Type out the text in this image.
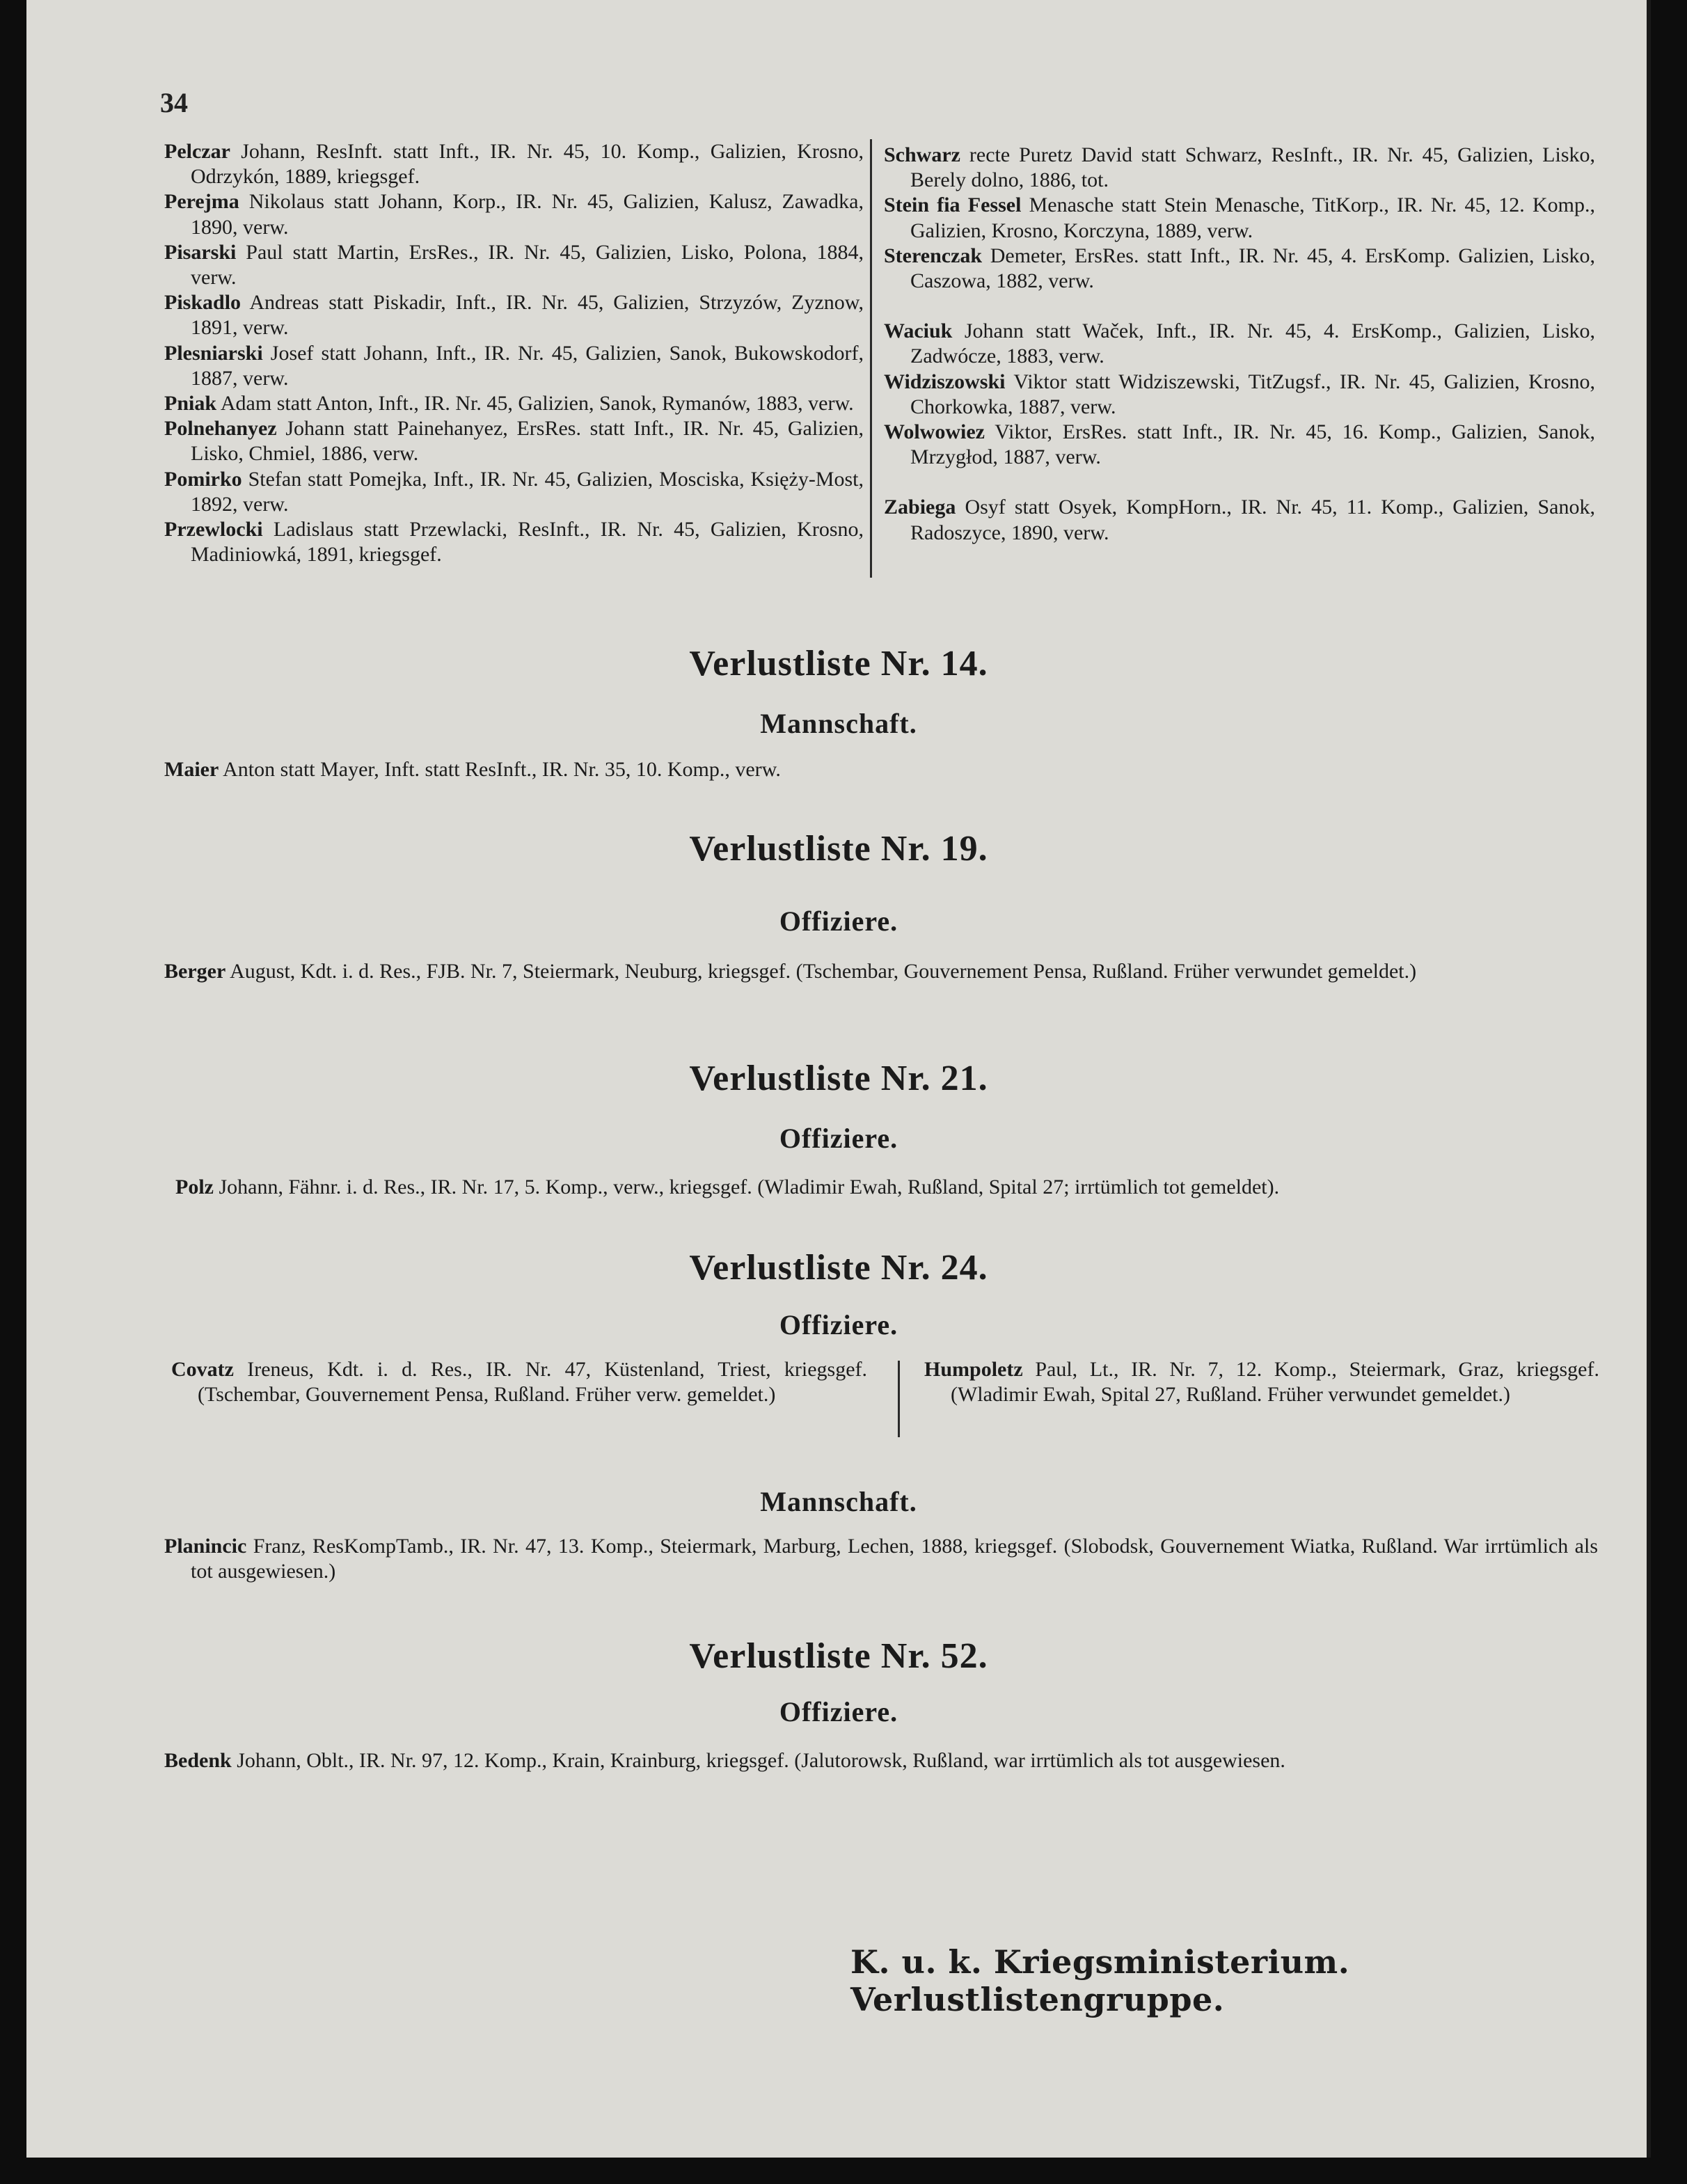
34

Pelczar Johann, ResInft. statt Inft., IR. Nr. 45, 10. Komp., Galizien, Krosno, Odrzykón, 1889, kriegsgef.

Perejma Nikolaus statt Johann, Korp., IR. Nr. 45, Galizien, Kalusz, Zawadka, 1890, verw.

Pisarski Paul statt Martin, ErsRes., IR. Nr. 45, Galizien, Lisko, Polona, 1884, verw.

Piskadlo Andreas statt Piskadir, Inft., IR. Nr. 45, Galizien, Strzyzów, Zyznow, 1891, verw.

Plesniarski Josef statt Johann, Inft., IR. Nr. 45, Galizien, Sanok, Bukowskodorf, 1887, verw.

Pniak Adam statt Anton, Inft., IR. Nr. 45, Galizien, Sanok, Rymanów, 1883, verw.

Polnehanyez Johann statt Painehanyez, ErsRes. statt Inft., IR. Nr. 45, Galizien, Lisko, Chmiel, 1886, verw.

Pomirko Stefan statt Pomejka, Inft., IR. Nr. 45, Galizien, Mosciska, Księży-Most, 1892, verw.

Przewlocki Ladislaus statt Przewlacki, ResInft., IR. Nr. 45, Galizien, Krosno, Madiniowká, 1891, kriegsgef.

Schwarz recte Puretz David statt Schwarz, ResInft., IR. Nr. 45, Galizien, Lisko, Berely dolno, 1886, tot.

Stein fia Fessel Menasche statt Stein Menasche, TitKorp., IR. Nr. 45, 12. Komp., Galizien, Krosno, Korczyna, 1889, verw.

Sterenczak Demeter, ErsRes. statt Inft., IR. Nr. 45, 4. ErsKomp. Galizien, Lisko, Caszowa, 1882, verw.

Waciuk Johann statt Waček, Inft., IR. Nr. 45, 4. ErsKomp., Galizien, Lisko, Zadwócze, 1883, verw.

Widziszowski Viktor statt Widziszewski, TitZugsf., IR. Nr. 45, Galizien, Krosno, Chorkowka, 1887, verw.

Wolwowiez Viktor, ErsRes. statt Inft., IR. Nr. 45, 16. Komp., Galizien, Sanok, Mrzygłod, 1887, verw.

Zabiega Osyf statt Osyek, KompHorn., IR. Nr. 45, 11. Komp., Galizien, Sanok, Radoszyce, 1890, verw.

Verlustliste Nr. 14.
Mannschaft.

Maier Anton statt Mayer, Inft. statt ResInft., IR. Nr. 35, 10. Komp., verw.

Verlustliste Nr. 19.
Offiziere.

Berger August, Kdt. i. d. Res., FJB. Nr. 7, Steiermark, Neuburg, kriegsgef. (Tschembar, Gouvernement Pensa, Rußland. Früher verwundet gemeldet.)

Verlustliste Nr. 21.
Offiziere.

Polz Johann, Fähnr. i. d. Res., IR. Nr. 17, 5. Komp., verw., kriegsgef. (Wladimir Ewah, Rußland, Spital 27; irrtümlich tot gemeldet).

Verlustliste Nr. 24.
Offiziere.

Covatz Ireneus, Kdt. i. d. Res., IR. Nr. 47, Küstenland, Triest, kriegsgef. (Tschembar, Gouvernement Pensa, Rußland. Früher verw. gemeldet.)

Humpoletz Paul, Lt., IR. Nr. 7, 12. Komp., Steiermark, Graz, kriegsgef. (Wladimir Ewah, Spital 27, Rußland. Früher verwundet gemeldet.)

Mannschaft.

Planincic Franz, ResKompTamb., IR. Nr. 47, 13. Komp., Steiermark, Marburg, Lechen, 1888, kriegsgef. (Slobodsk, Gouvernement Wiatka, Rußland. War irrtümlich als tot ausgewiesen.)

Verlustliste Nr. 52.
Offiziere.

Bedenk Johann, Oblt., IR. Nr. 97, 12. Komp., Krain, Krainburg, kriegsgef. (Jalutorowsk, Rußland, war irrtümlich als tot ausgewiesen.

K. u. k. Kriegsministerium. Verlustlistengruppe.
